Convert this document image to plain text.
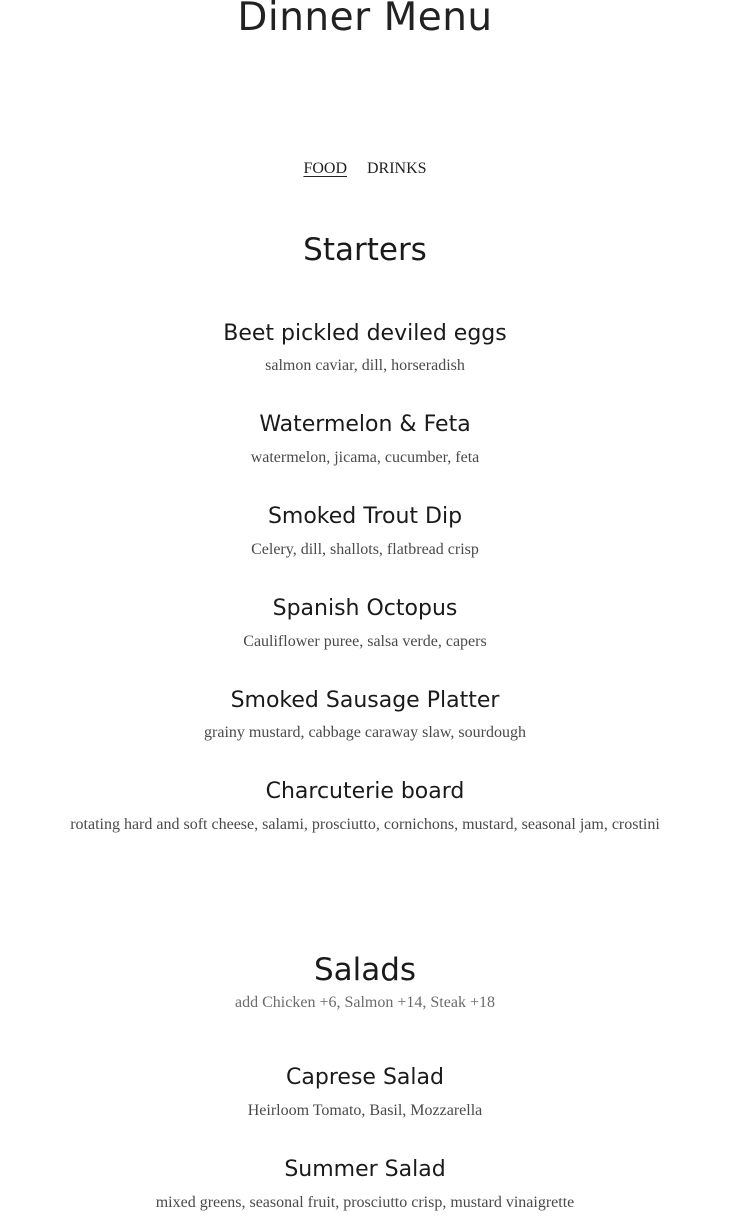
Dinner Menu
FOOD DRINKS
Starters
Beet pickled deviled eggs

salmon caviar, dill, horseradish

Watermelon & Feta

watermelon, jicama, cucumber, feta

Smoked Trout Dip

Celery, dill, shallots, flatbread crisp

Spanish Octopus

Cauliflower puree, salsa verde, capers

Smoked Sausage Platter

grainy mustard, cabbage caraway slaw, sourdough

Charcuterie board

rotating hard and soft cheese, salami, prosciutto, cornichons, mustard, seasonal jam, crostini

Salads

add Chicken +6, Salmon +14, Steak +18

Caprese Salad

Heirloom Tomato, Basil, Mozzarella

Summer Salad

mixed greens, seasonal fruit, prosciutto crisp, mustard vinaigrette
